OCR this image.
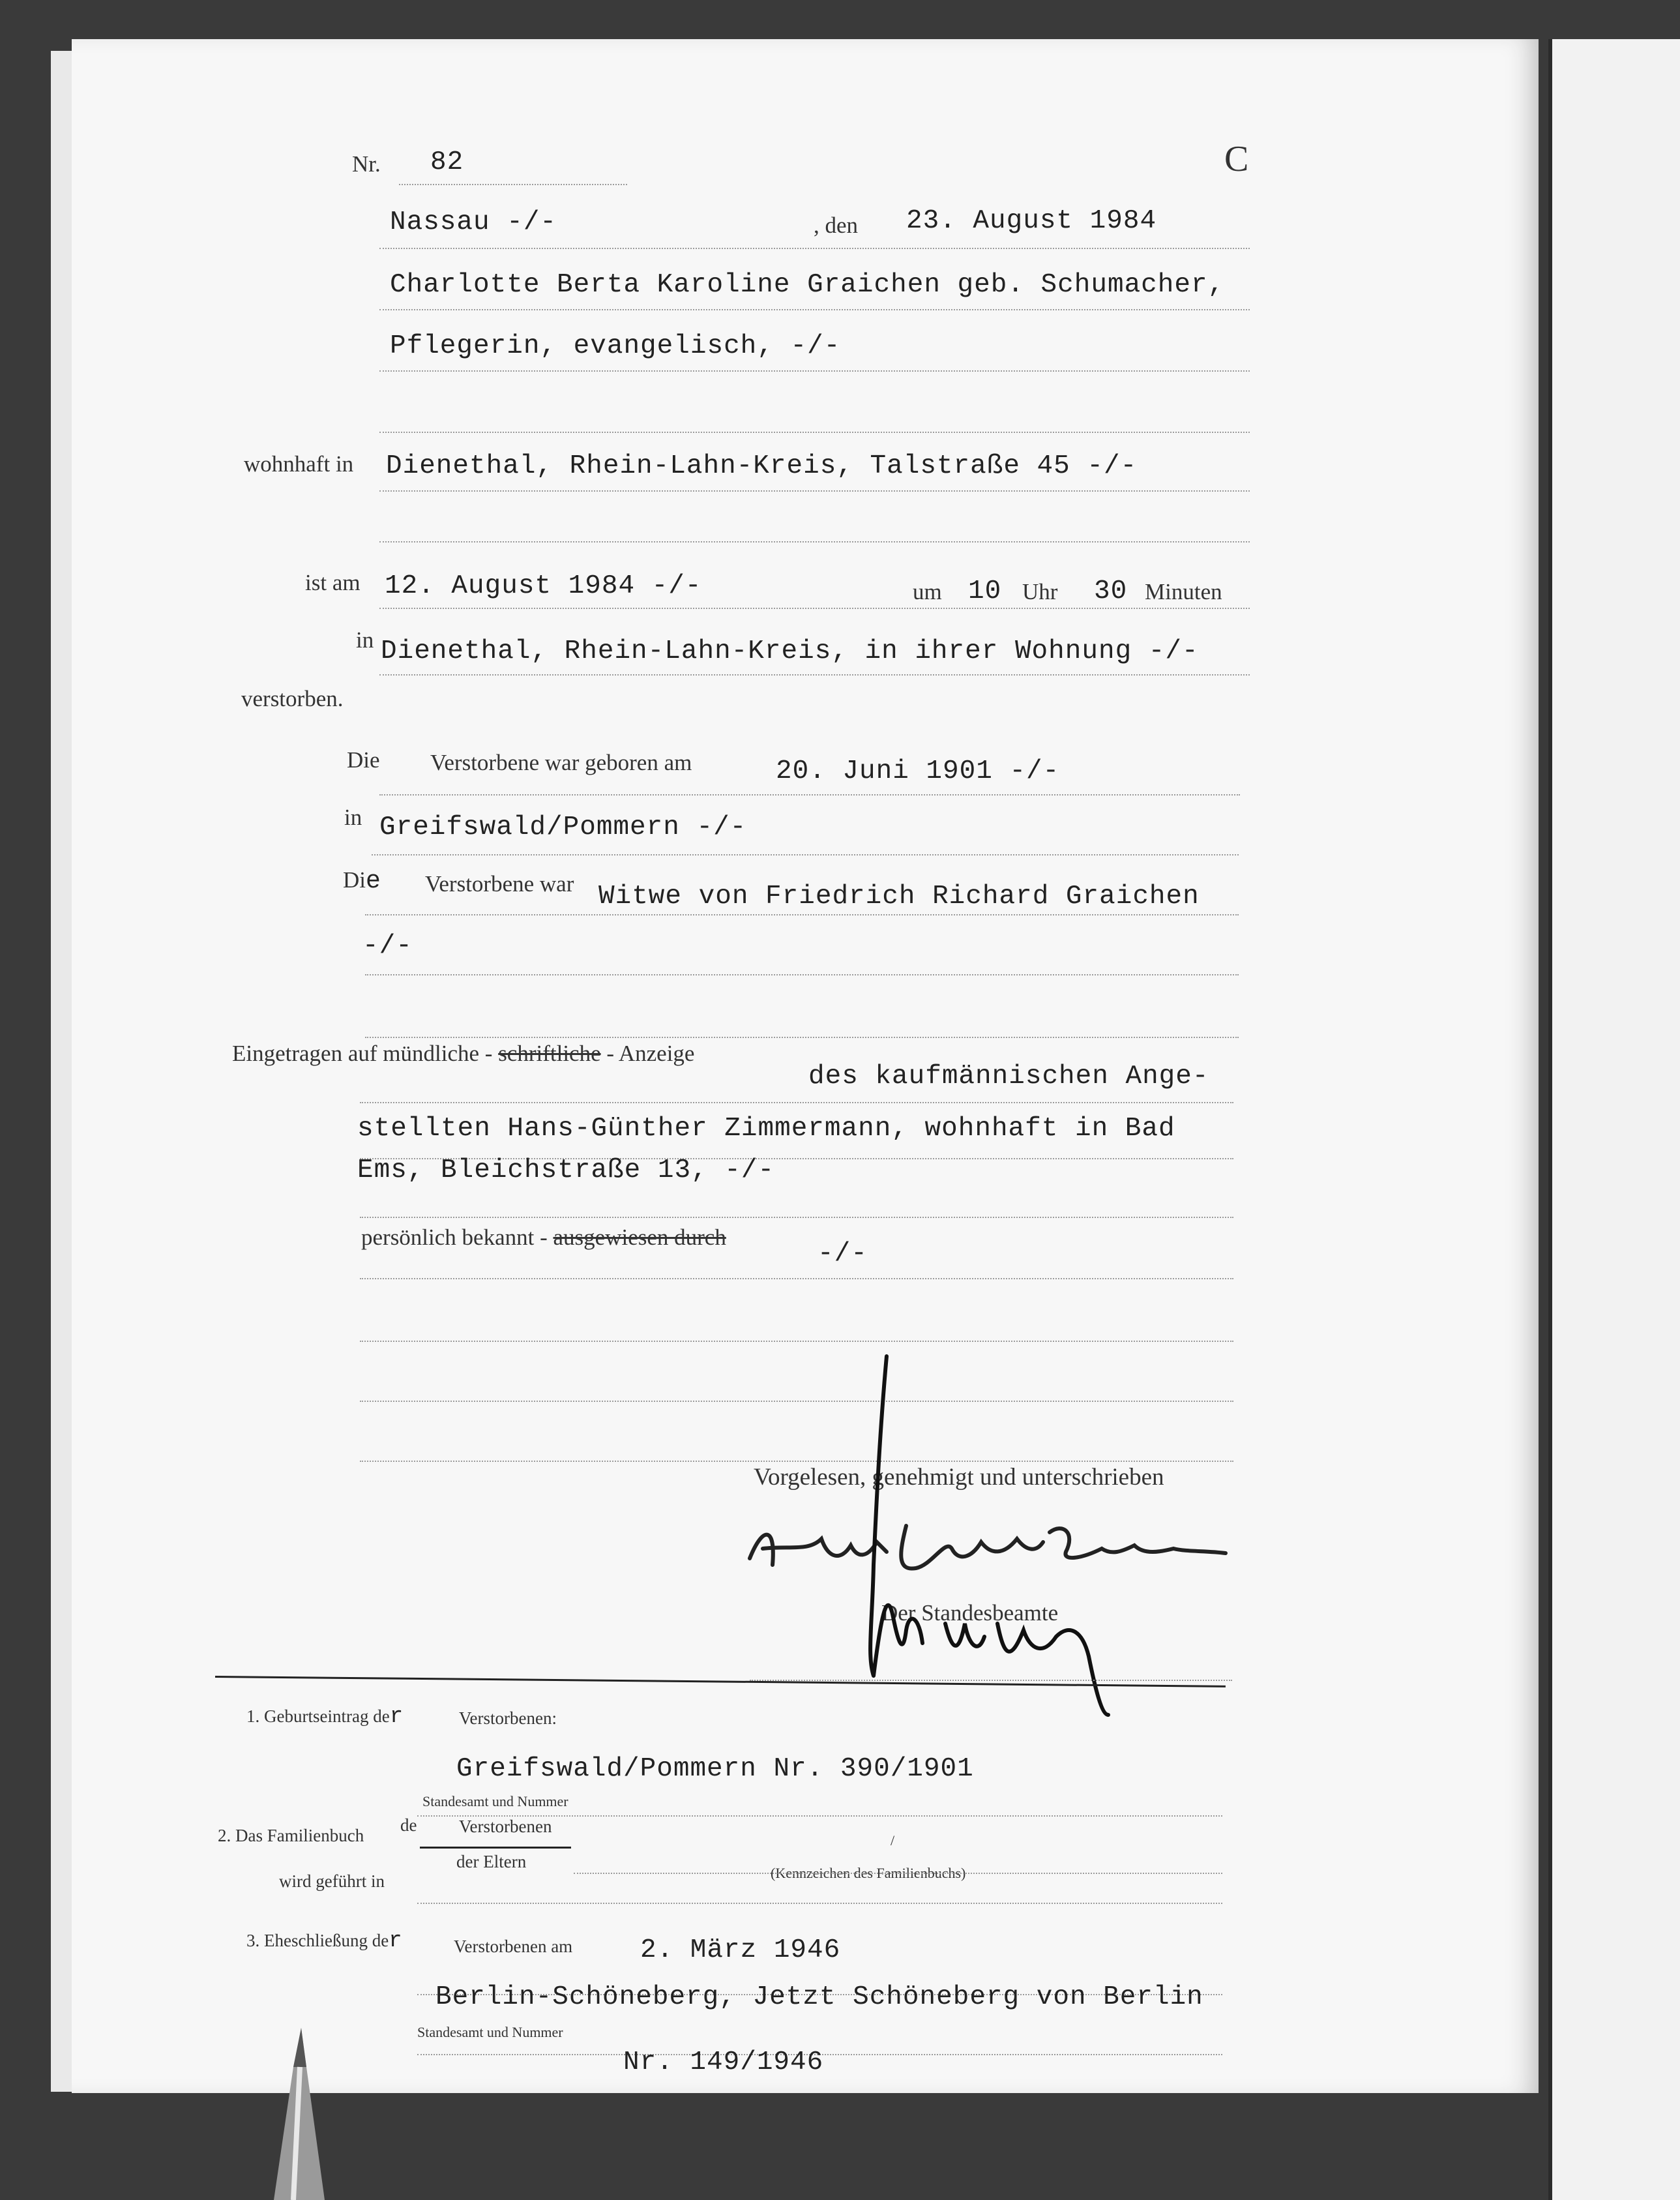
Nr. 82	C
Nassau -/-	, den 23. August 1984
Charlotte Berta Karoline Graichen geb. Schumacher,
Pflegerin, evangelisch, -/-
wohnhaft in Dienethal, Rhein-Lahn-Kreis, Talstraße 45 -/-
ist am 12. August 1984 -/-	um 10 Uhr 30 Minuten
in Dienethal, Rhein-Lahn-Kreis, in ihrer Wohnung -/-
verstorben.
Die Verstorbene war geboren am	20. Juni 1901 -/-
in Greifswald/Pommern -/-
Die Verstorbene war Witwe von Friedrich Richard Graichen
-/-
Eingetragen auf mündliche - schriftliche - Anzeige
des kaufmännischen Ange-
stellten Hans-Günther Zimmermann, wohnhaft in Bad
Ems, Bleichstraße 13, -/-
persönlich bekannt - ausgewiesen durch
-/-
Vorgelesen, genehmigt und unterschrieben
Der Standesbeamte
1. Geburtseintrag der	Verstorbenen:
Greifswald/Pommern Nr. 390/1901
Standesamt und Nummer
2. Das Familienbuch
de Verstorbenen
der Eltern
/
(Kennzeichen des Familienbuchs)
wird geführt in
3. Eheschließung der	Verstorbenen am	2. März 1946
Berlin-Schöneberg, Jetzt Schöneberg von Berlin
Standesamt und Nummer
Nr. 149/1946
